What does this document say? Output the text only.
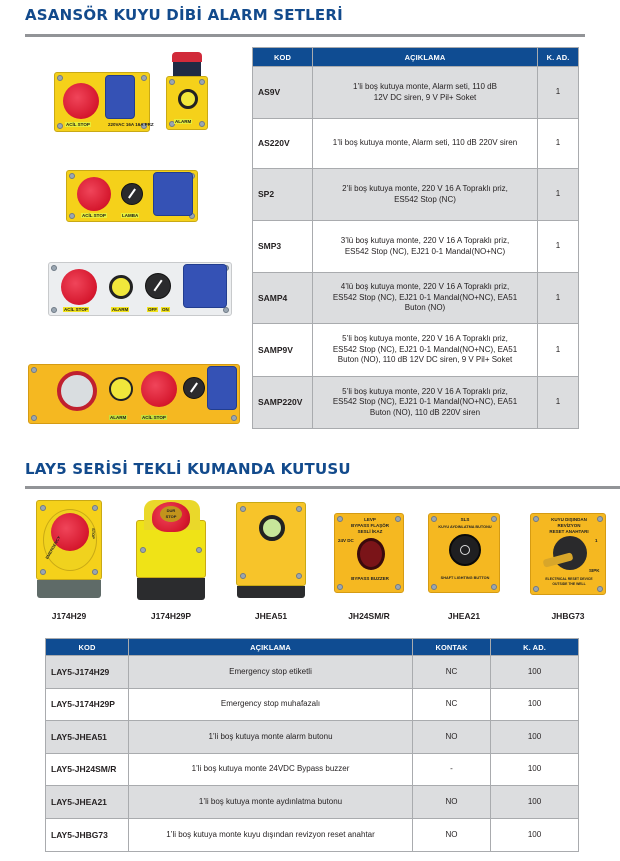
ASANSÖR KUYU DİBİ ALARM SETLERİ
ACİL STOP	220VAC 16A 16A PRZ
ALARM
ACİL STOP	LAMBA
ACİL STOP	ALARM	OFF ON
ALARM	ACİL STOP
KOD	AÇIKLAMA	K. AD.
AS9V	1’li boş kutuya monte, Alarm seti, 110 dB
12V DC siren, 9 V Pil+ Soket	1
AS220V	1’li boş kutuya monte, Alarm seti, 110 dB 220V siren	1
SP2	2’li boş kutuya monte, 220 V 16 A Topraklı priz,
ES542 Stop (NC)	1
SMP3	3’lü boş kutuya monte, 220 V 16 A Topraklı priz,
ES542 Stop (NC), EJ21 0-1 Mandal(NO+NC)	1
SAMP4	4’lü boş kutuya monte, 220 V 16 A Topraklı priz,
ES542 Stop (NC), EJ21 0-1 Mandal(NO+NC), EA51
Buton (NO)	1
SAMP9V	5’li boş kutuya monte, 220 V 16 A Topraklı priz,
ES542 Stop (NC), EJ21 0-1 Mandal(NO+NC), EA51
Buton (NO), 110 dB 12V DC siren, 9 V Pil+ Soket	1
SAMP220V	5’li boş kutuya monte, 220 V 16 A Topraklı priz,
ES542 Stop (NC), EJ21 0-1 Mandal(NO+NC), EA51
Buton (NO), 110 dB 220V siren	1
LAY5 SERİSİ TEKLİ KUMANDA KUTUSU
EMERGENCY
STOP
J174H29
DUR
STOP
J174H29P	JHEA51
LEVP
BYPASS FLAŞÖR
SESLİ İKAZ
24V DC
BYPASS BUZZER
JH24SM/R
SLS
KUYU AYDINLATMA BUTONU
SHAFT LIGHTING BUTTON
JHEA21
KUYU DIŞINDAN
REVİZYON
RESET ANAHTARI
1
SIPK
ELECTRICAL RESET DEVICE
OUTSIDE THE WELL
JHBG73
KOD	AÇIKLAMA	KONTAK	K. AD.
LAY5-J174H29	Emergency stop etiketli	NC	100
LAY5-J174H29P	Emergency stop muhafazalı	NC	100
LAY5-JHEA51	1’li boş kutuya monte alarm butonu	NO	100
LAY5-JH24SM/R	1’li boş kutuya monte 24VDC Bypass buzzer	-	100
LAY5-JHEA21	1’li boş kutuya monte aydınlatma butonu	NO	100
LAY5-JHBG73	1’li boş kutuya monte kuyu dışından revizyon reset anahtar	NO	100
